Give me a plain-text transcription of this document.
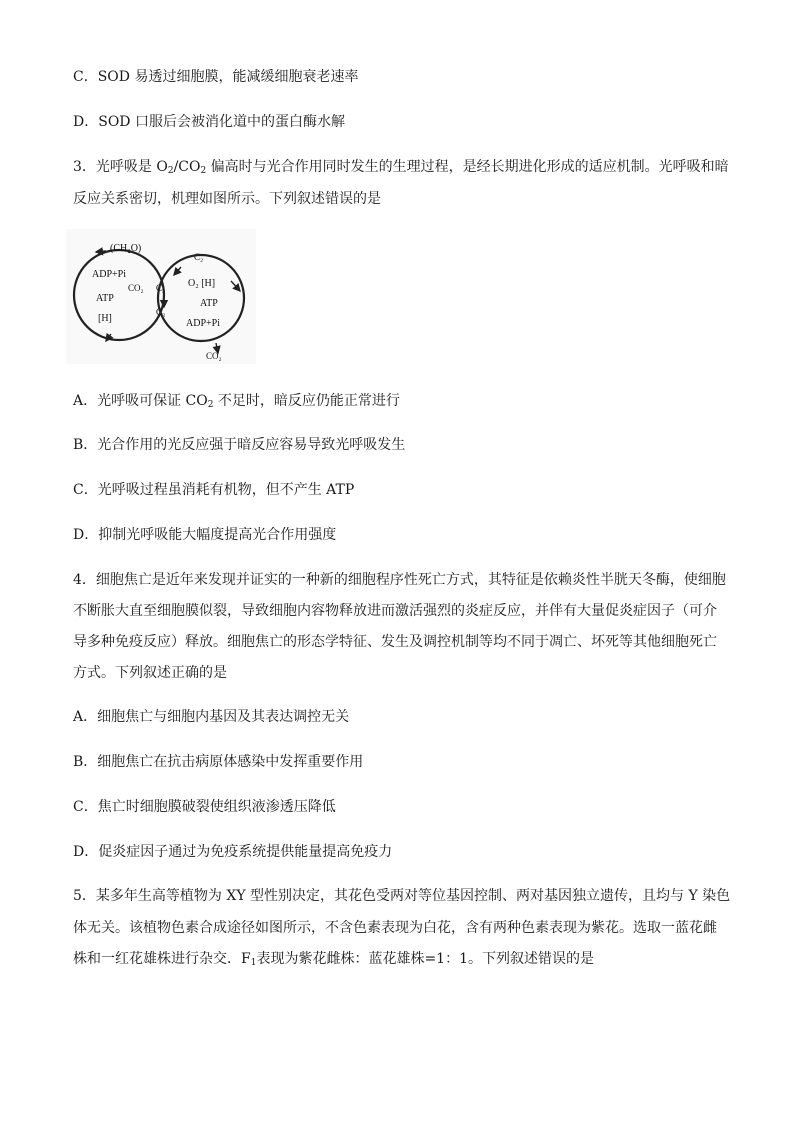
C．SOD 易透过细胞膜，能减缓细胞衰老速率

D．SOD 口服后会被消化道中的蛋白酶水解

3．光呼吸是 $O_2/CO_2$ 偏高时与光合作用同时发生的生理过程，是经长期进化形成的适应机制。光呼吸和暗

反应关系密切，机理如图所示。下列叙述错误的是

(CH₂O)
ADP+Pi
ATP
[H]
CO₂ C₅
C₃
C₂
O₂ [H]
ATP
ADP+Pi
CO₂

A．光呼吸可保证 $CO_2$ 不足时，暗反应仍能正常进行

B．光合作用的光反应强于暗反应容易导致光呼吸发生

C．光呼吸过程虽消耗有机物，但不产生 ATP

D．抑制光呼吸能大幅度提高光合作用强度

4．细胞焦亡是近年来发现并证实的一种新的细胞程序性死亡方式，其特征是依赖炎性半胱天冬酶，使细胞

不断胀大直至细胞膜似裂，导致细胞内容物释放进而激活强烈的炎症反应，并伴有大量促炎症因子（可介

导多种免疫反应）释放。细胞焦亡的形态学特征、发生及调控机制等均不同于凋亡、坏死等其他细胞死亡

方式。下列叙述正确的是

A．细胞焦亡与细胞内基因及其表达调控无关

B．细胞焦亡在抗击病原体感染中发挥重要作用

C．焦亡时细胞膜破裂使组织液渗透压降低

D．促炎症因子通过为免疫系统提供能量提高免疫力

5．某多年生高等植物为 XY 型性别决定，其花色受两对等位基因控制、两对基因独立遗传，且均与 Y 染色

体无关。该植物色素合成途径如图所示，不含色素表现为白花，含有两种色素表现为紫花。选取一蓝花雌

株和一红花雄株进行杂交．$F_1$表现为紫花雌株：蓝花雄株=1：1。下列叙述错误的是
